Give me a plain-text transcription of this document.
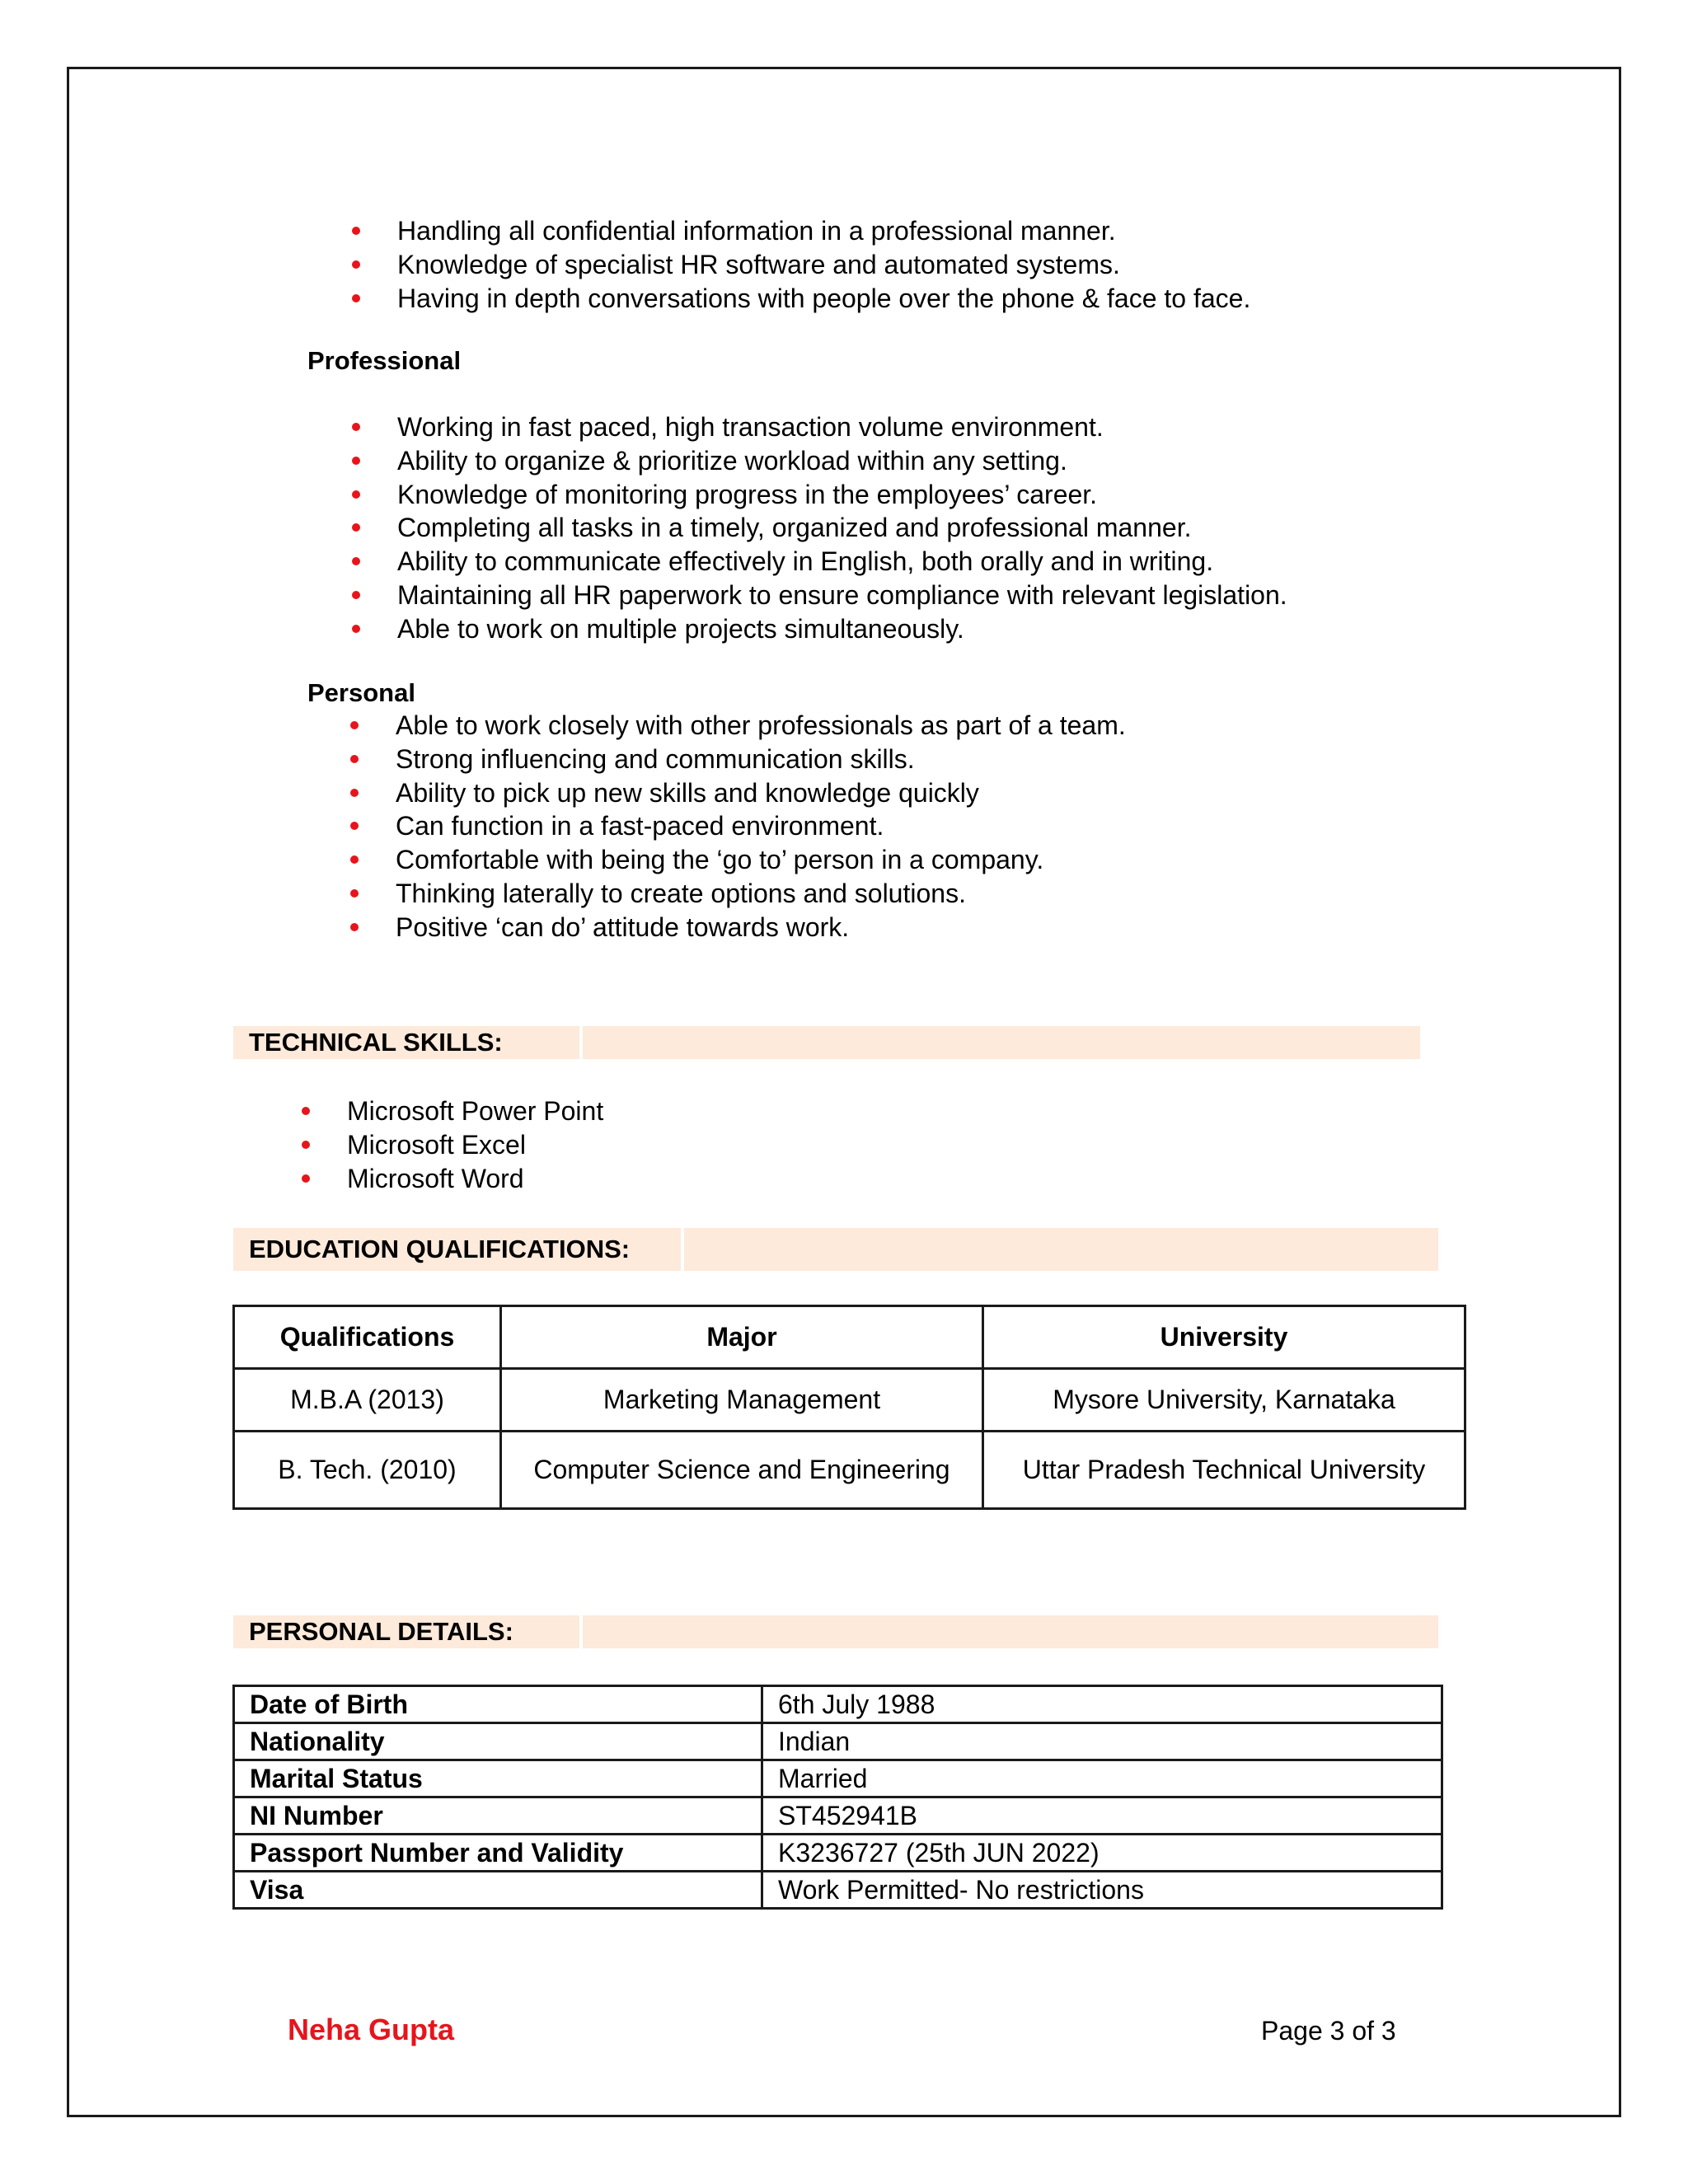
Handling all confidential information in a professional manner.
Knowledge of specialist HR software and automated systems.
Having in depth conversations with people over the phone & face to face.
Professional
Working in fast paced, high transaction volume environment.
Ability to organize & prioritize workload within any setting.
Knowledge of monitoring progress in the employees’ career.
Completing all tasks in a timely, organized and professional manner.
Ability to communicate effectively in English, both orally and in writing.
Maintaining all HR paperwork to ensure compliance with relevant legislation.
Able to work on multiple projects simultaneously.
Personal
Able to work closely with other professionals as part of a team.
Strong influencing and communication skills.
Ability to pick up new skills and knowledge quickly
Can function in a fast-paced environment.
Comfortable with being the ‘go to’ person in a company.
Thinking laterally to create options and solutions.
Positive ‘can do’ attitude towards work.
TECHNICAL SKILLS:
Microsoft Power Point
Microsoft Excel
Microsoft Word
EDUCATION QUALIFICATIONS:
Qualifications	Major	University
M.B.A (2013)	Marketing Management	Mysore University, Karnataka
B. Tech. (2010)	Computer Science and Engineering	Uttar Pradesh Technical University
PERSONAL DETAILS:
Date of Birth	6th July 1988
Nationality	Indian
Marital Status	Married
NI Number	ST452941B
Passport Number and Validity	K3236727 (25th JUN 2022)
Visa	Work Permitted- No restrictions
Neha Gupta	Page 3 of 3
